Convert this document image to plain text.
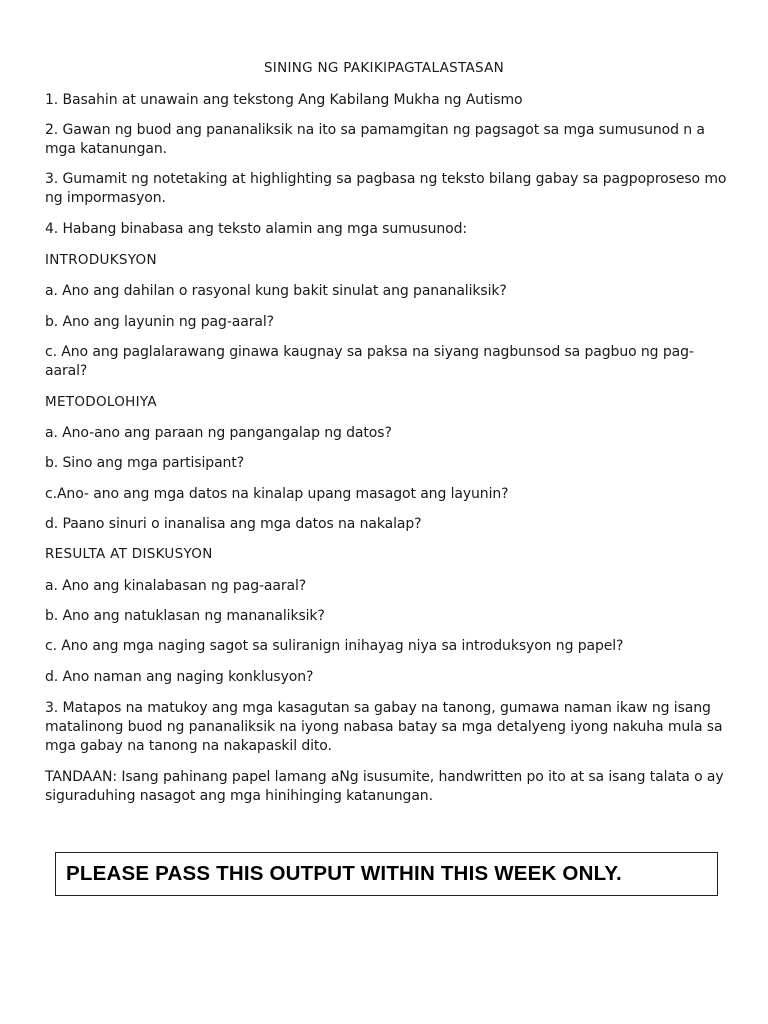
SINING NG PAKIKIPAGTALASTASAN

1. Basahin at unawain ang tekstong Ang Kabilang Mukha ng Autismo

2. Gawan ng buod ang pananaliksik na ito sa pamamgitan ng pagsagot sa mga sumusunod n a mga katanungan.

3. Gumamit ng notetaking at highlighting sa pagbasa ng teksto bilang gabay sa pagpoproseso mo ng impormasyon.

4. Habang binabasa ang teksto alamin ang mga sumusunod:

INTRODUKSYON

a. Ano ang dahilan o rasyonal kung bakit sinulat ang pananaliksik?

b. Ano ang layunin ng pag-aaral?

c. Ano ang paglalarawang ginawa kaugnay sa paksa na siyang nagbunsod sa pagbuo ng pag-aaral?

METODOLOHIYA

a. Ano-ano ang paraan ng pangangalap ng datos?

b. Sino ang mga partisipant?

c.Ano- ano ang mga datos na kinalap upang masagot ang layunin?

d. Paano sinuri o inanalisa ang mga datos na nakalap?

RESULTA AT DISKUSYON

a. Ano ang kinalabasan ng pag-aaral?

b. Ano ang natuklasan ng mananaliksik?

c. Ano ang mga naging sagot sa suliranign inihayag niya sa introduksyon ng papel?

d. Ano naman ang naging konklusyon?

3. Matapos na matukoy ang mga kasagutan sa gabay na tanong, gumawa naman ikaw ng isang matalinong buod ng pananaliksik na iyong nabasa batay sa mga detalyeng iyong nakuha mula sa mga gabay na tanong na nakapaskil dito.

TANDAAN: Isang pahinang papel lamang aNg isusumite, handwritten po ito at sa isang talata o ay siguraduhing nasagot ang mga hinihinging katanungan.

PLEASE PASS THIS OUTPUT WITHIN THIS WEEK ONLY.
